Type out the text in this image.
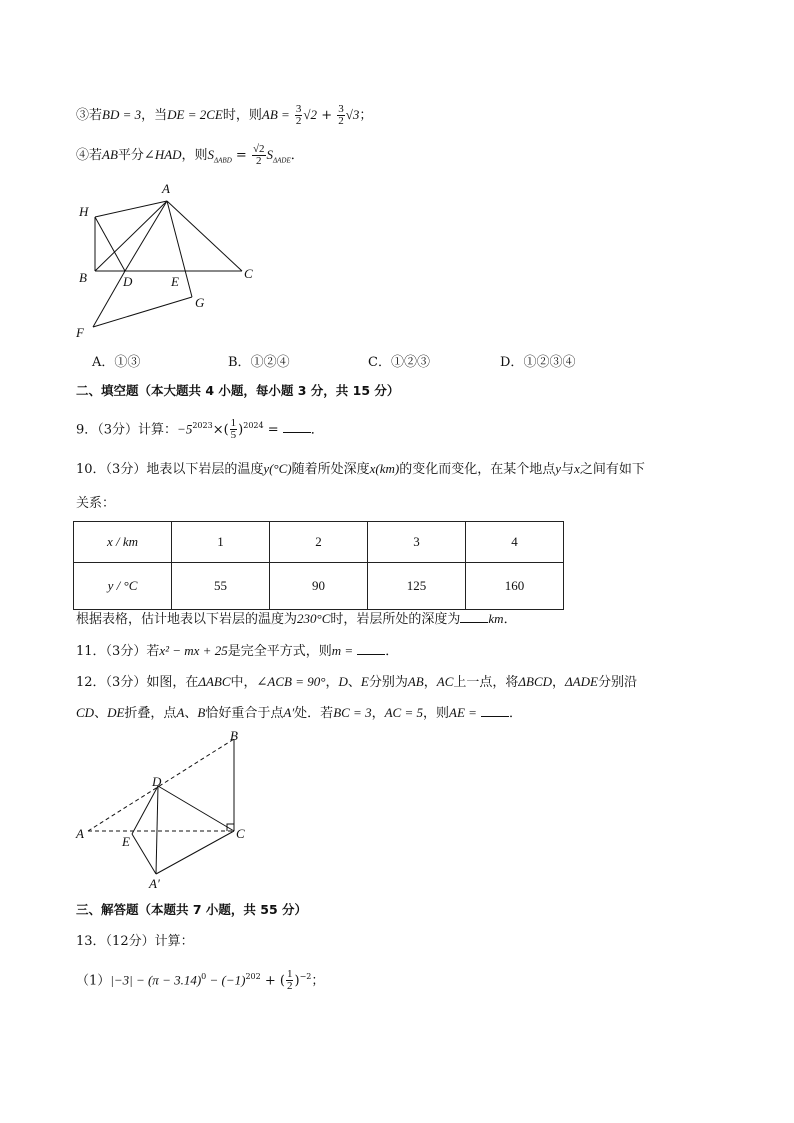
③若BD = 3，当DE = 2CE时，则AB = $\frac{3}{2} √2 + \frac{3}{2} √3$；
④若AB平分∠HAD，则$S_{\Delta ABD} = \frac{√2}{2} S_{\Delta ADE}$．
A
H
B	D	E
C
G
F
A．①③	B．①②④	C．①②③	D．①②③④
二、填空题（本大题共 4 小题，每小题 3 分，共 15 分）
9．（3分）计算：$-5^{2023}\times( \frac{1}{5} )^{2024}$ = ．
10．（3分）地表以下岩层的温度y(°C)随着所处深度x(km)的变化而变化，在某个地点y与x之间有如下
关系：
x / km	1	2	3	4
y / °C	55	90	125	160
根据表格，估计地表以下岩层的温度为230°C时，岩层所处的深度为 km．
11．（3分）若x² − mx + 25是完全平方式，则m = ．
12．（3分）如图，在ΔABC中，∠ACB = 90°，D、E分别为AB，AC上一点，将ΔBCD，ΔADE分别沿
CD、DE折叠，点A、B恰好重合于点A′处．若BC = 3，AC = 5，则AE = ．
B
D
A
E
C
A′
三、解答题（本题共 7 小题，共 55 分）
13．（12分）计算：
$(1)|-3| - (\pi - 3.14)^0 - (-1)^{202}$ + ( $\frac{1}{2} )^{-2}$；
